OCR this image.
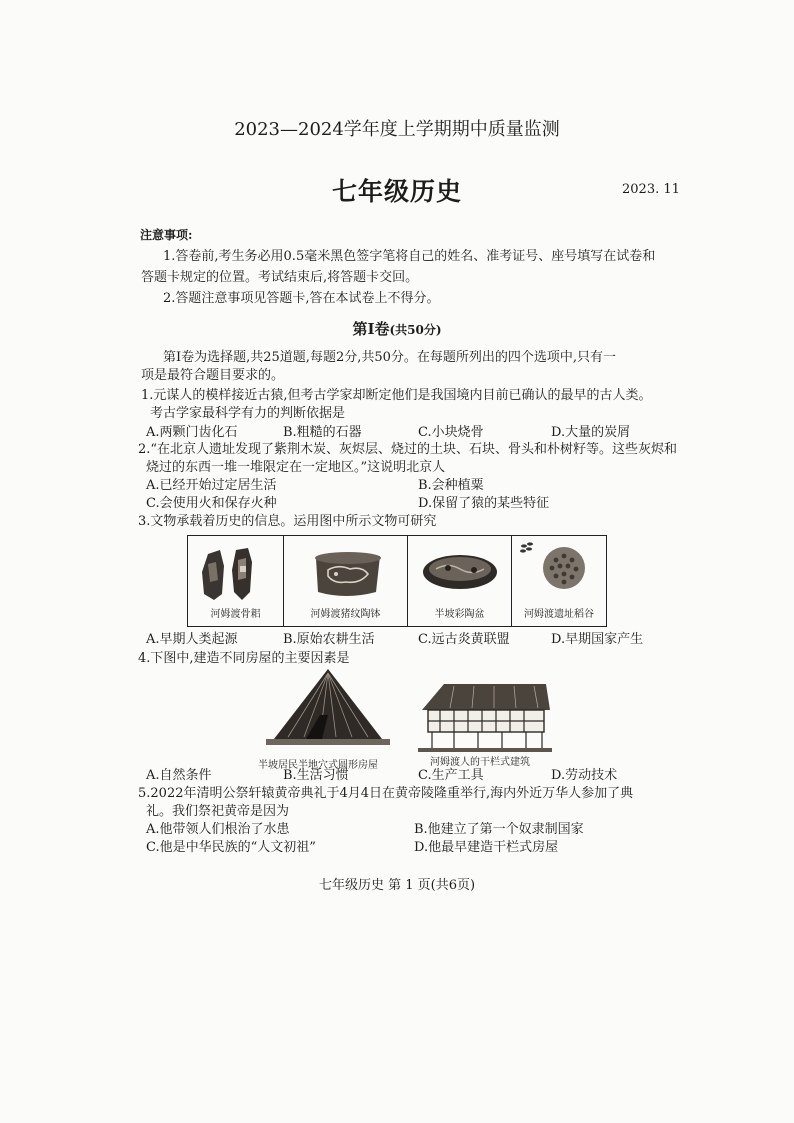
2023—2024学年度上学期期中质量监测
七年级历史	2023. 11
注意事项:
1.答卷前,考生务必用0.5毫米黑色签字笔将自己的姓名、准考证号、座号填写在试卷和
答题卡规定的位置。考试结束后,将答题卡交回。
2.答题注意事项见答题卡,答在本试卷上不得分。
第Ⅰ卷(共50分)
第Ⅰ卷为选择题,共25道题,每题2分,共50分。在每题所列出的四个选项中,只有一
项是最符合题目要求的。
1.元谋人的模样接近古猿,但考古学家却断定他们是我国境内目前已确认的最早的古人类。
考古学家最科学有力的判断依据是
A.两颗门齿化石	B.粗糙的石器	C.小块烧骨	D.大量的炭屑
2.“在北京人遗址发现了紫荆木炭、灰烬层、烧过的土块、石块、骨头和朴树籽等。这些灰烬和
烧过的东西一堆一堆限定在一定地区。”这说明北京人
A.已经开始过定居生活	B.会种植粟
C.会使用火和保存火种	D.保留了猿的某些特征
3.文物承载着历史的信息。运用图中所示文物可研究
河姆渡骨耜	河姆渡猪纹陶钵	半坡彩陶盆	河姆渡遗址稻谷
A.早期人类起源	B.原始农耕生活	C.远古炎黄联盟	D.早期国家产生
4.下图中,建造不同房屋的主要因素是
半坡居民半地穴式圆形房屋	河姆渡人的干栏式建筑
A.自然条件	B.生活习惯	C.生产工具	D.劳动技术
5.2022年清明公祭轩辕黄帝典礼于4月4日在黄帝陵隆重举行,海内外近万华人参加了典
礼。我们祭祀黄帝是因为
A.他带领人们根治了水患	B.他建立了第一个奴隶制国家
C.他是中华民族的“人文初祖”	D.他最早建造干栏式房屋
七年级历史 第 1 页(共6页)
